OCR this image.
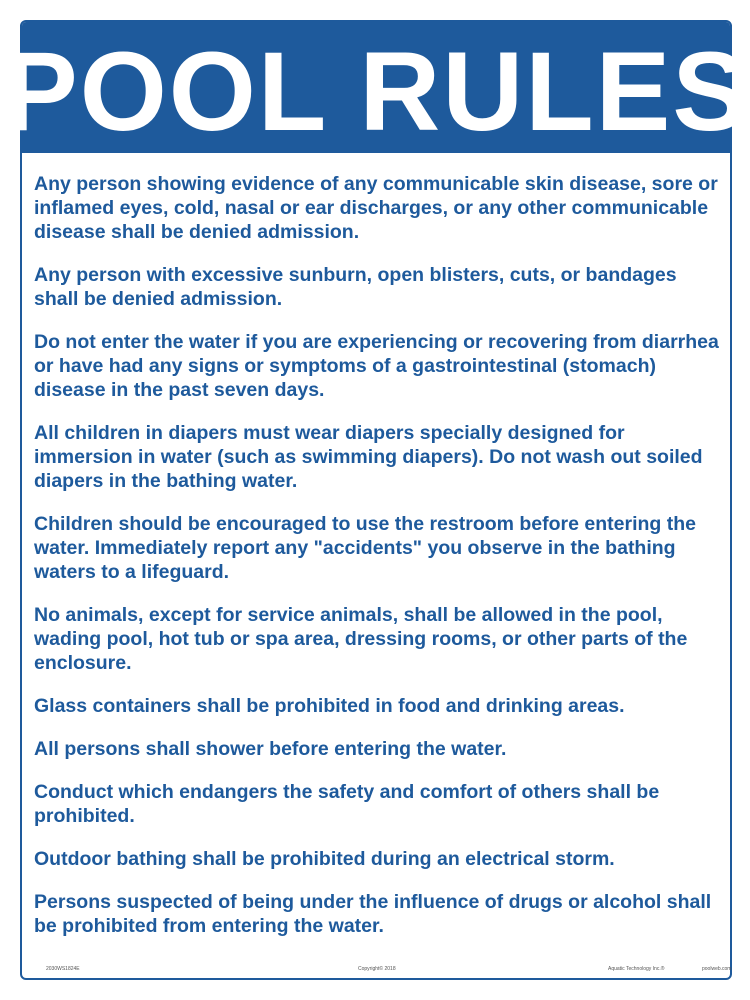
POOL RULES
Any person showing evidence of any communicable skin disease, sore or inflamed eyes, cold, nasal or ear discharges, or any other communicable disease shall be denied admission.
Any person with excessive sunburn, open blisters, cuts, or bandages shall be denied admission.
Do not enter the water if you are experiencing or recovering from diarrhea or have had any signs or symptoms of a gastrointestinal (stomach) disease in the past seven days.
All children in diapers must wear diapers specially designed for immersion in water (such as swimming diapers). Do not wash out soiled diapers in the bathing water.
Children should be encouraged to use the restroom before entering the water. Immediately report any "accidents" you observe in the bathing waters to a lifeguard.
No animals, except for service animals, shall be allowed in the pool, wading pool, hot tub or spa area, dressing rooms, or other parts of the enclosure.
Glass containers shall be prohibited in food and drinking areas.
All persons shall shower before entering the water.
Conduct which endangers the safety and comfort of others shall be prohibited.
Outdoor bathing shall be prohibited during an electrical storm.
Persons suspected of being under the influence of drugs or alcohol shall be prohibited from entering the water.
2030WS1824E	Copyright© 2018	Aquatic Technology Inc.®	poolweb.com
